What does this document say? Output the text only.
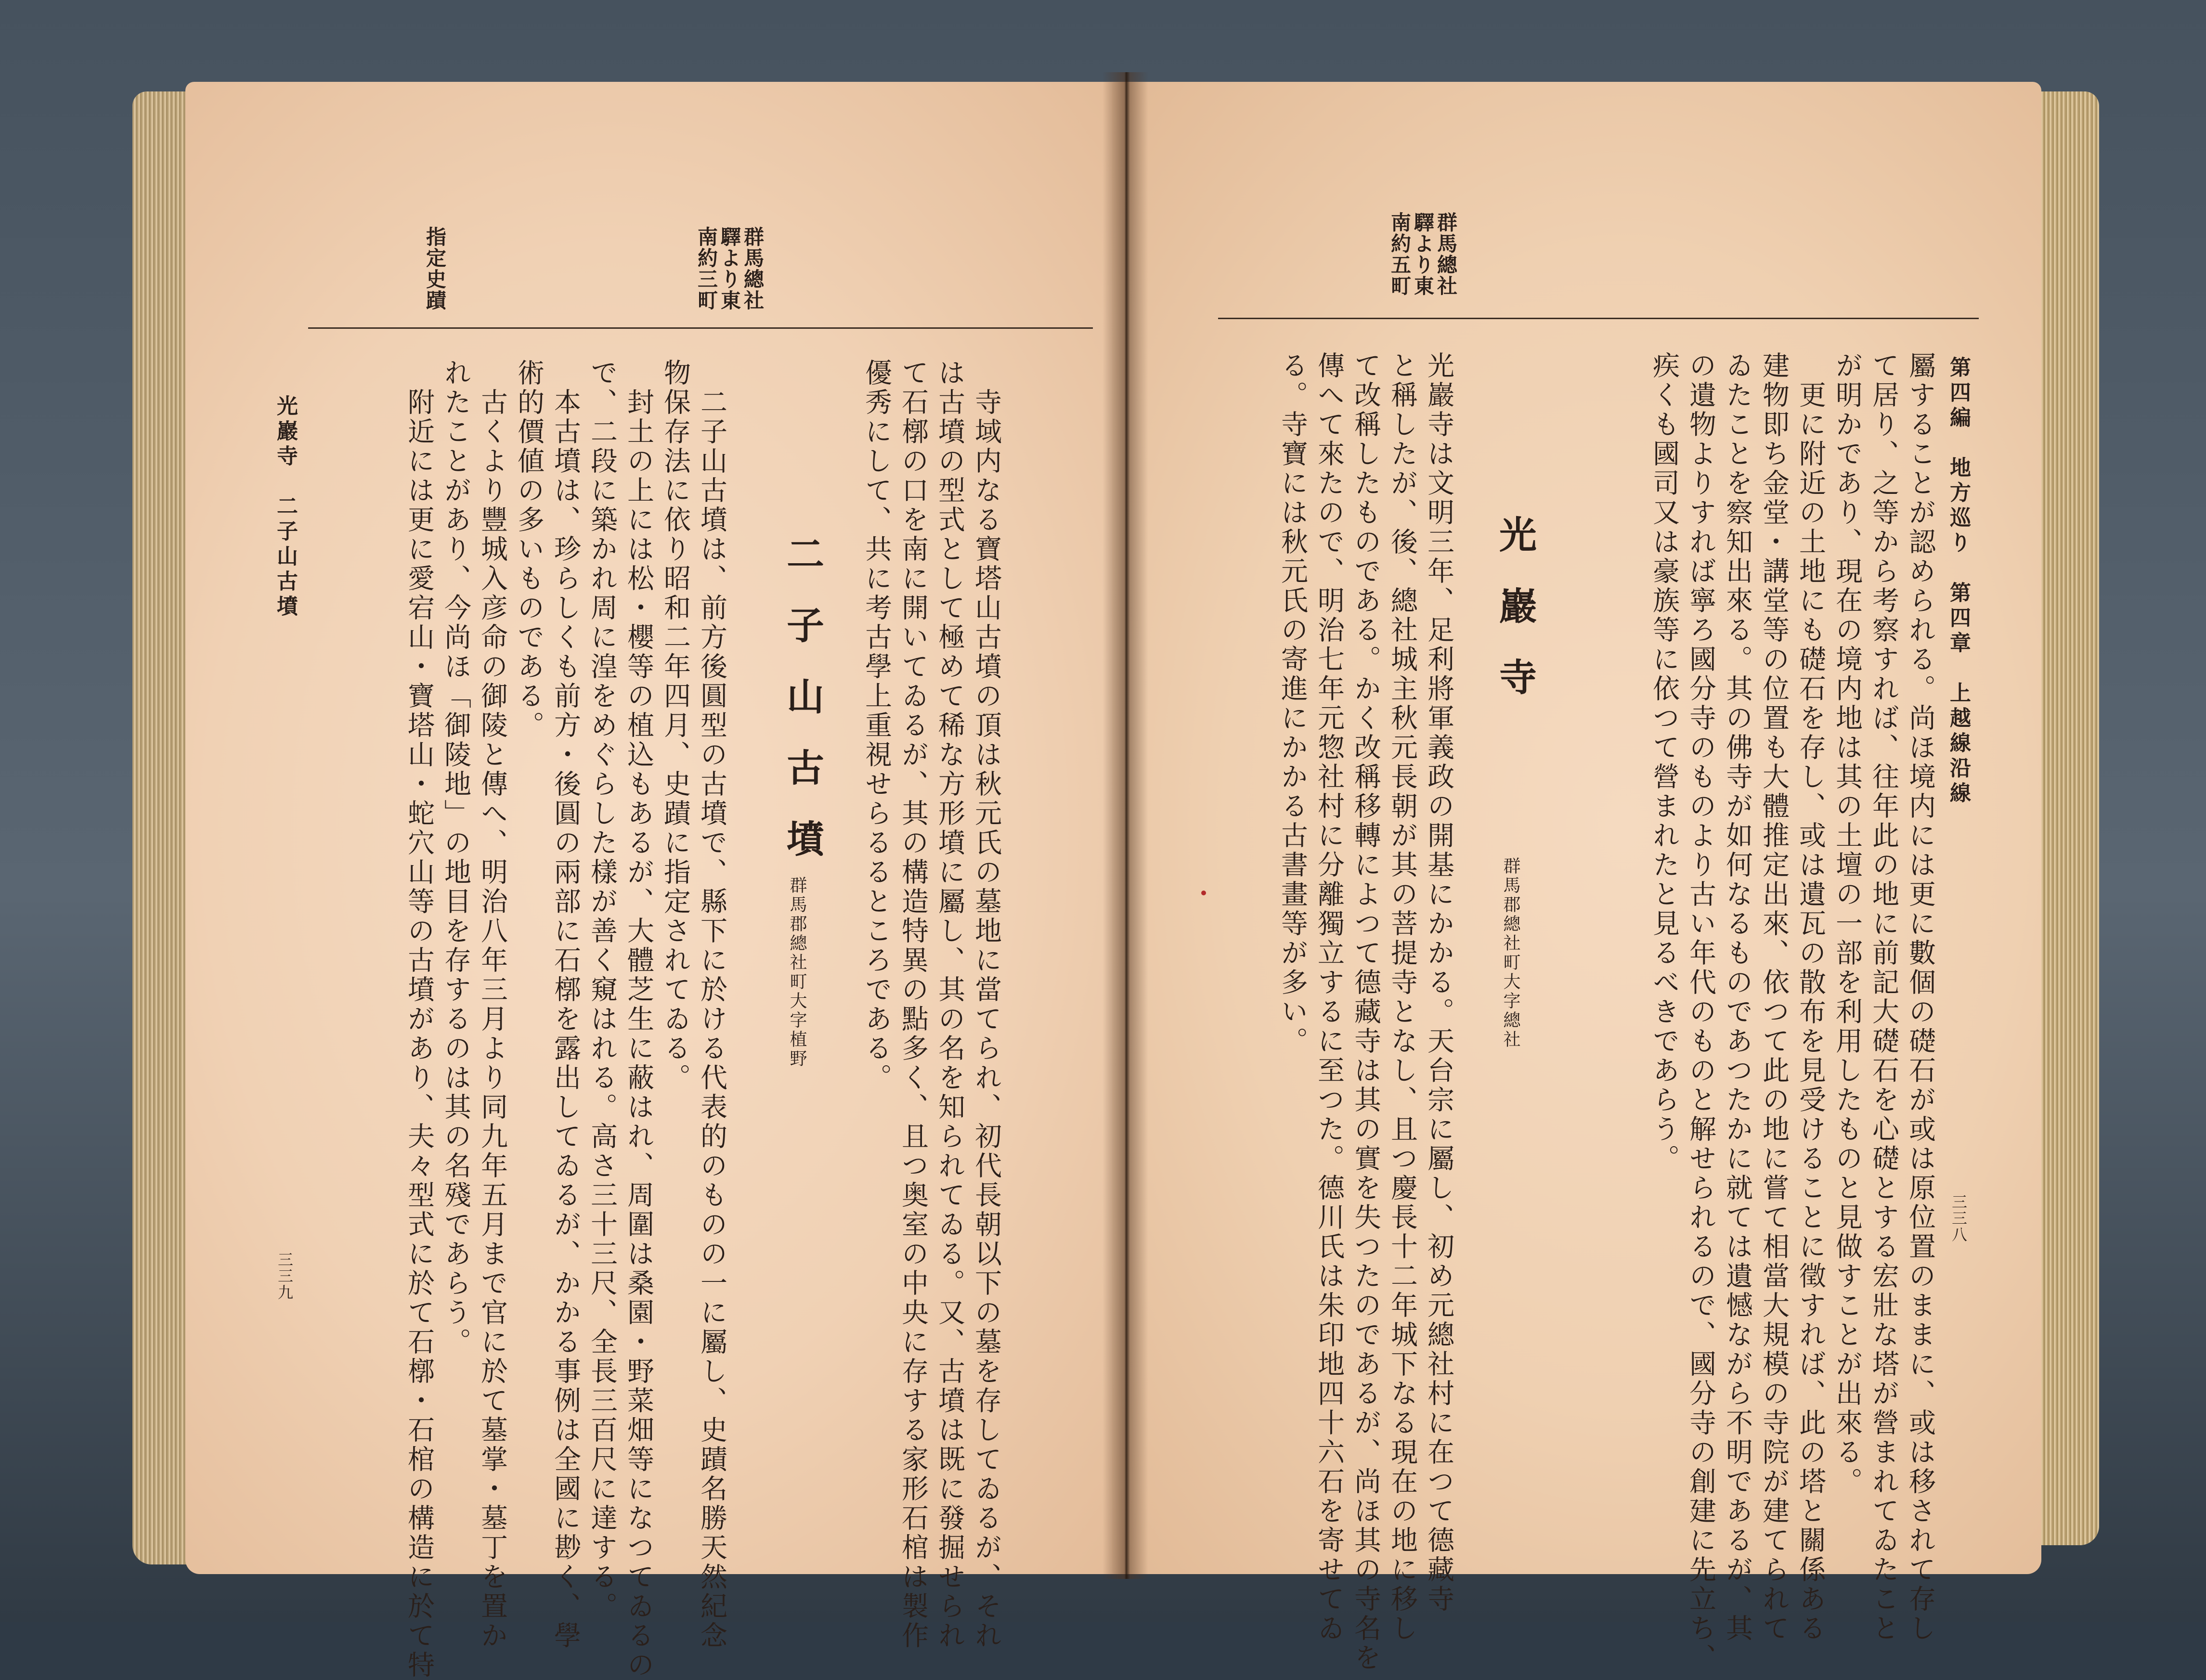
第四編　地方巡り　第四章　上越線沿線
三三八
群馬總社
驛より東
南約五町
屬することが認められる。尚ほ境内には更に數個の礎石が或は原位置のままに、或は移されて存し
て居り、之等から考察すれば、往年此の地に前記大礎石を心礎とする宏壯な塔が營まれてゐたこと
が明かであり、現在の境内地は其の土壇の一部を利用したものと見做すことが出來る。
　更に附近の土地にも礎石を存し、或は遺瓦の散布を見受けることに徵すれば、此の塔と關係ある
建物即ち金堂・講堂等の位置も大體推定出來、依つて此の地に嘗て相當大規模の寺院が建てられて
ゐたことを察知出來る。其の佛寺が如何なるものであつたかに就ては遺憾ながら不明であるが、其
の遺物よりすれば寧ろ國分寺のものより古い年代のものと解せられるので、國分寺の創建に先立ち、
疾くも國司又は豪族等に依つて營まれたと見るべきであらう。
光巖寺
群馬郡總社町大字總社
光巖寺は文明三年、足利將軍義政の開基にかかる。天台宗に屬し、初め元總社村に在つて德藏寺
と稱したが、後、總社城主秋元長朝が其の菩提寺となし、且つ慶長十二年城下なる現在の地に移し
て改稱したものである。かく改稱移轉によつて德藏寺は其の實を失つたのであるが、尚ほ其の寺名を
傳へて來たので、明治七年元惣社村に分離獨立するに至つた。德川氏は朱印地四十六石を寄せてゐ
る。寺寶には秋元氏の寄進にかかる古書畫等が多い。
群馬總社
驛より東
南約三町
指定史蹟
　寺域内なる寶塔山古墳の頂は秋元氏の墓地に當てられ、初代長朝以下の墓を存してゐるが、それ
は古墳の型式として極めて稀な方形墳に屬し、其の名を知られてゐる。又、古墳は既に發掘せられ
て石槨の口を南に開いてゐるが、其の構造特異の點多く、且つ奥室の中央に存する家形石棺は製作
優秀にして、共に考古學上重視せらるるところである。
二子山古墳
群馬郡總社町大字植野
　二子山古墳は、前方後圓型の古墳で、縣下に於ける代表的のものの一に屬し、史蹟名勝天然紀念
物保存法に依り昭和二年四月、史蹟に指定されてゐる。
　封土の上には松・櫻等の植込もあるが、大體芝生に蔽はれ、周圍は桑園・野菜畑等になつてゐるの
で、二段に築かれ周に湟をめぐらした樣が善く窺はれる。高さ三十三尺、全長三百尺に達する。
　本古墳は、珍らしくも前方・後圓の兩部に石槨を露出してゐるが、かかる事例は全國に尠く、學
術的價値の多いものである。
　古くより豐城入彦命の御陵と傳へ、明治八年三月より同九年五月まで官に於て墓掌・墓丁を置か
れたことがあり、今尚ほ「御陵地」の地目を存するのは其の名殘であらう。
　附近には更に愛宕山・寶塔山・蛇穴山等の古墳があり、夫々型式に於て石槨・石棺の構造に於て特
光巖寺　二子山古墳
三三九
